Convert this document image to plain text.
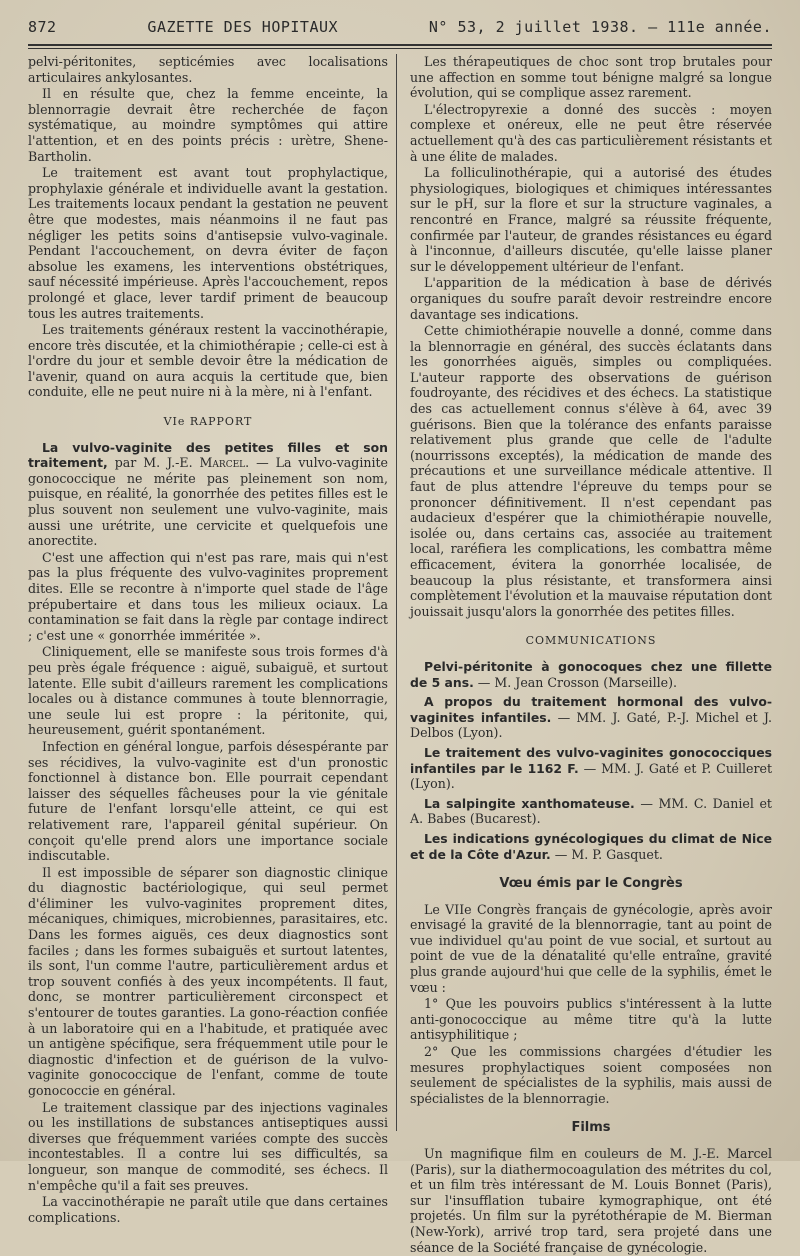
872	GAZETTE DES HOPITAUX	N° 53, 2 juillet 1938. — 111e année.

pelvi-péritonites, septicémies avec localisations articulaires ankylosantes.

Il en résulte que, chez la femme enceinte, la blennorragie devrait être recherchée de façon systématique, au moindre symptômes qui attire l'attention, et en des points précis : urètre, Shene-Bartholin.

Le traitement est avant tout prophylactique, prophylaxie générale et individuelle avant la gestation. Les traitements locaux pendant la gestation ne peuvent être que modestes, mais néanmoins il ne faut pas négliger les petits soins d'antisepsie vulvo-vaginale. Pendant l'accouchement, on devra éviter de façon absolue les examens, les interventions obstétriques, sauf nécessité impérieuse. Après l'accouchement, repos prolongé et glace, lever tardif priment de beaucoup tous les autres traitements.

Les traitements généraux restent la vaccinothérapie, encore très discutée, et la chimiothérapie ; celle-ci est à l'ordre du jour et semble devoir être la médication de l'avenir, quand on aura acquis la certitude que, bien conduite, elle ne peut nuire ni à la mère, ni à l'enfant.

VIe RAPPORT

La vulvo-vaginite des petites filles et son traitement, par M. J.-E. Marcel. — La vulvo-vaginite gonococcique ne mérite pas pleinement son nom, puisque, en réalité, la gonorrhée des petites filles est le plus souvent non seulement une vulvo-vaginite, mais aussi une urétrite, une cervicite et quelquefois une anorectite.

C'est une affection qui n'est pas rare, mais qui n'est pas la plus fréquente des vulvo-vaginites proprement dites. Elle se recontre à n'importe quel stade de l'âge prépubertaire et dans tous les milieux ociaux. La contamination se fait dans la règle par contage indirect ; c'est une « gonorrhée imméritée ».

Cliniquement, elle se manifeste sous trois formes d'à peu près égale fréquence : aiguë, subaiguë, et surtout latente. Elle subit d'ailleurs rarement les complications locales ou à distance communes à toute blennorragie, une seule lui est propre : la péritonite, qui, heureusement, guérit spontanément.

Infection en général longue, parfois désespérante par ses récidives, la vulvo-vaginite est d'un pronostic fonctionnel à distance bon. Elle pourrait cependant laisser des séquelles fâcheuses pour la vie génitale future de l'enfant lorsqu'elle atteint, ce qui est relativement rare, l'appareil génital supérieur. On conçoit qu'elle prend alors une importance sociale indiscutable.

Il est impossible de séparer son diagnostic clinique du diagnostic bactériologique, qui seul permet d'éliminer les vulvo-vaginites proprement dites, mécaniques, chimiques, microbiennes, parasitaires, etc. Dans les formes aiguës, ces deux diagnostics sont faciles ; dans les formes subaiguës et surtout latentes, ils sont, l'un comme l'autre, particulièrement ardus et trop souvent confiés à des yeux incompétents. Il faut, donc, se montrer particulièrement circonspect et s'entourer de toutes garanties. La gono-réaction confiée à un laboratoire qui en a l'habitude, et pratiquée avec un antigène spécifique, sera fréquemment utile pour le diagnostic d'infection et de guérison de la vulvo-vaginite gonococcique de l'enfant, comme de toute gonococcie en général.

Le traitement classique par des injections vaginales ou les instillations de substances antiseptiques aussi diverses que fréquemment variées compte des succès incontestables. Il a contre lui ses difficultés, sa longueur, son manque de commodité, ses échecs. Il n'empêche qu'il a fait ses preuves.

La vaccinothérapie ne paraît utile que dans certaines complications.

Les thérapeutiques de choc sont trop brutales pour une affection en somme tout bénigne malgré sa longue évolution, qui se complique assez rarement.

L'électropyrexie a donné des succès : moyen complexe et onéreux, elle ne peut être réservée actuellement qu'à des cas particulièrement résistants et à une élite de malades.

La folliculinothérapie, qui a autorisé des études physiologiques, biologiques et chimiques intéressantes sur le pH, sur la flore et sur la structure vaginales, a rencontré en France, malgré sa réussite fréquente, confirmée par l'auteur, de grandes résistances eu égard à l'inconnue, d'ailleurs discutée, qu'elle laisse planer sur le développement ultérieur de l'enfant.

L'apparition de la médication à base de dérivés organiques du soufre paraît devoir restreindre encore davantage ses indications.

Cette chimiothérapie nouvelle a donné, comme dans la blennorragie en général, des succès éclatants dans les gonorrhées aiguës, simples ou compliquées. L'auteur rapporte des observations de guérison foudroyante, des récidives et des échecs. La statistique des cas actuellement connus s'élève à 64, avec 39 guérisons. Bien que la tolérance des enfants paraisse relativement plus grande que celle de l'adulte (nourrissons exceptés), la médication de mande des précautions et une surveillance médicale attentive. Il faut de plus attendre l'épreuve du temps pour se prononcer définitivement. Il n'est cependant pas audacieux d'espérer que la chimiothérapie nouvelle, isolée ou, dans certains cas, associée au traitement local, raréfiera les complications, les combattra même efficacement, évitera la gonorrhée localisée, de beaucoup la plus résistante, et transformera ainsi complètement l'évolution et la mauvaise réputation dont jouissait jusqu'alors la gonorrhée des petites filles.

COMMUNICATIONS

Pelvi-péritonite à gonocoques chez une fillette de 5 ans. — M. Jean Crosson (Marseille).

A propos du traitement hormonal des vulvo-vaginites infantiles. — MM. J. Gaté, P.-J. Michel et J. Delbos (Lyon).

Le traitement des vulvo-vaginites gonococciques infantiles par le 1162 F. — MM. J. Gaté et P. Cuilleret (Lyon).

La salpingite xanthomateuse. — MM. C. Daniel et A. Babes (Bucarest).

Les indications gynécologiques du climat de Nice et de la Côte d'Azur. — M. P. Gasquet.

Vœu émis par le Congrès

Le VIIe Congrès français de gynécologie, après avoir envisagé la gravité de la blennorragie, tant au point de vue individuel qu'au point de vue social, et surtout au point de vue de la dénatalité qu'elle entraîne, gravité plus grande aujourd'hui que celle de la syphilis, émet le vœu :

1° Que les pouvoirs publics s'intéressent à la lutte anti-gonococcique au même titre qu'à la lutte antisyphilitique ;

2° Que les commissions chargées d'étudier les mesures prophylactiques soient composées non seulement de spécialistes de la syphilis, mais aussi de spécialistes de la blennorragie.

Films

Un magnifique film en couleurs de M. J.-E. Marcel (Paris), sur la diathermocoagulation des métrites du col, et un film très intéressant de M. Louis Bonnet (Paris), sur l'insufflation tubaire kymographique, ont été projetés. Un film sur la pyrétothérapie de M. Bierman (New-York), arrivé trop tard, sera projeté dans une séance de la Société française de gynécologie.
